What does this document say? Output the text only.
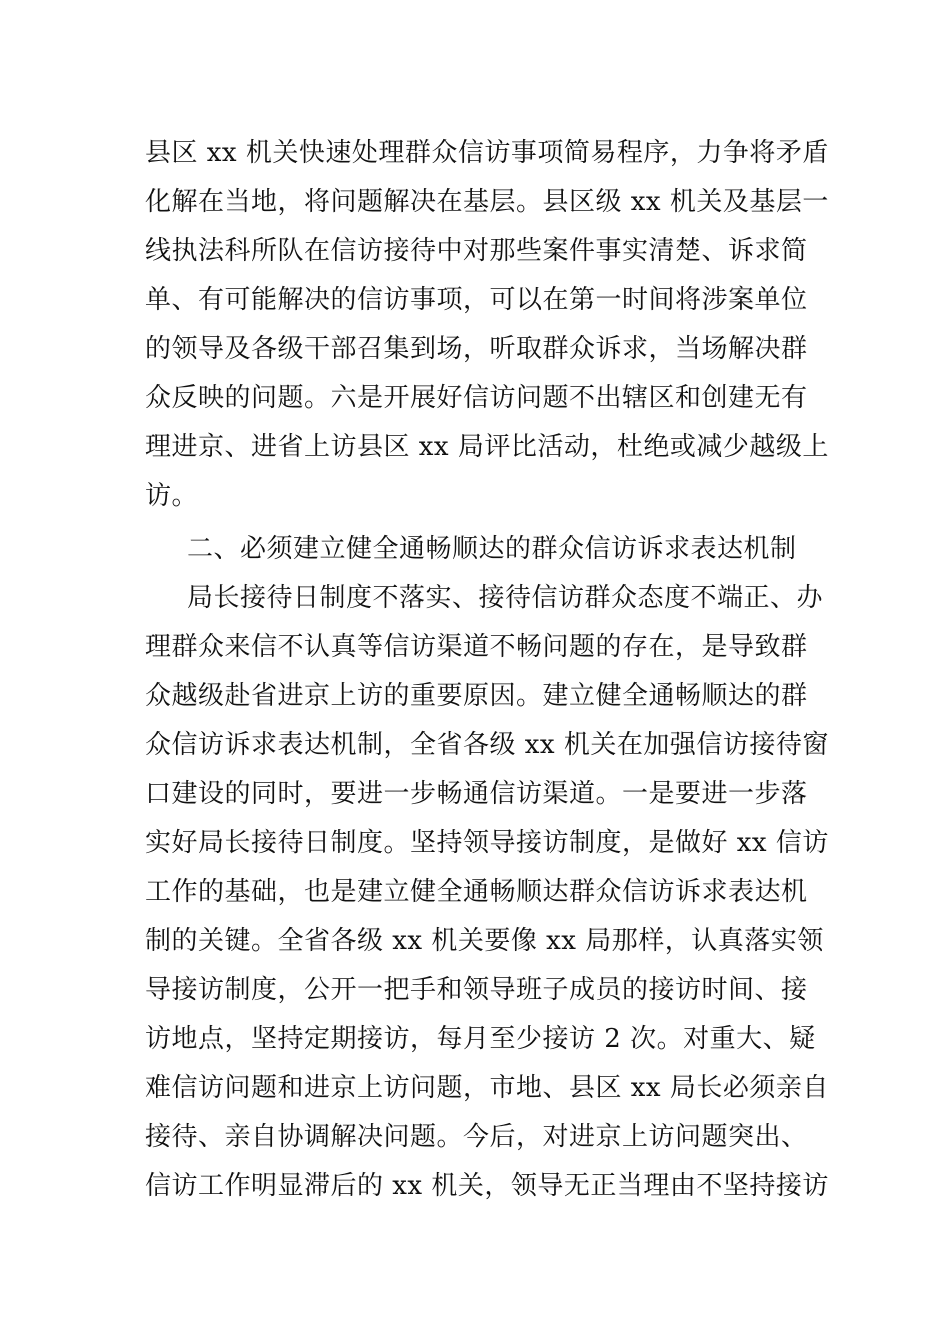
县区 xx 机关快速处理群众信访事项简易程序，力争将矛盾
化解在当地，将问题解决在基层。县区级 xx 机关及基层一
线执法科所队在信访接待中对那些案件事实清楚、诉求简
单、有可能解决的信访事项，可以在第一时间将涉案单位
的领导及各级干部召集到场，听取群众诉求，当场解决群
众反映的问题。六是开展好信访问题不出辖区和创建无有
理进京、进省上访县区 xx 局评比活动，杜绝或减少越级上
访。
二、必须建立健全通畅顺达的群众信访诉求表达机制
局长接待日制度不落实、接待信访群众态度不端正、办
理群众来信不认真等信访渠道不畅问题的存在，是导致群
众越级赴省进京上访的重要原因。建立健全通畅顺达的群
众信访诉求表达机制，全省各级 xx 机关在加强信访接待窗
口建设的同时，要进一步畅通信访渠道。一是要进一步落
实好局长接待日制度。坚持领导接访制度，是做好 xx 信访
工作的基础，也是建立健全通畅顺达群众信访诉求表达机
制的关键。全省各级 xx 机关要像 xx 局那样，认真落实领
导接访制度，公开一把手和领导班子成员的接访时间、接
访地点，坚持定期接访，每月至少接访 2 次。对重大、疑
难信访问题和进京上访问题，市地、县区 xx 局长必须亲自
接待、亲自协调解决问题。今后，对进京上访问题突出、
信访工作明显滞后的 xx 机关，领导无正当理由不坚持接访
